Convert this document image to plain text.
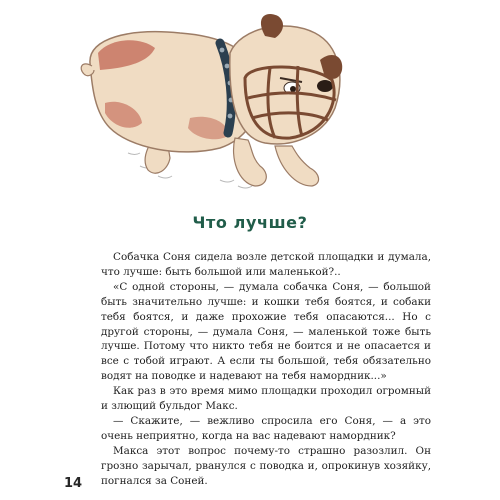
Что лучше?

Собачка Соня сидела возле детской площадки и думала, что лучше: быть большой или маленькой?..

«С одной стороны, — думала собачка Соня, — большой быть значительно лучше: и кошки тебя боятся, и собаки тебя боятся, и даже прохожие тебя опасаются... Но с другой стороны, — думала Соня, — маленькой тоже быть лучше. Потому что никто тебя не боится и не опасается и все с тобой играют. А если ты большой, тебя обязательно водят на поводке и надевают на тебя намордник...»

Как раз в это время мимо площадки проходил огромный и злющий бульдог Макс.

— Скажите, — вежливо спросила его Соня, — а это очень неприятно, когда на вас надевают намордник?

Макса этот вопрос почему-то страшно разозлил. Он грозно зарычал, рванулся с поводка и, опрокинув хозяйку, погнался за Соней.

14
